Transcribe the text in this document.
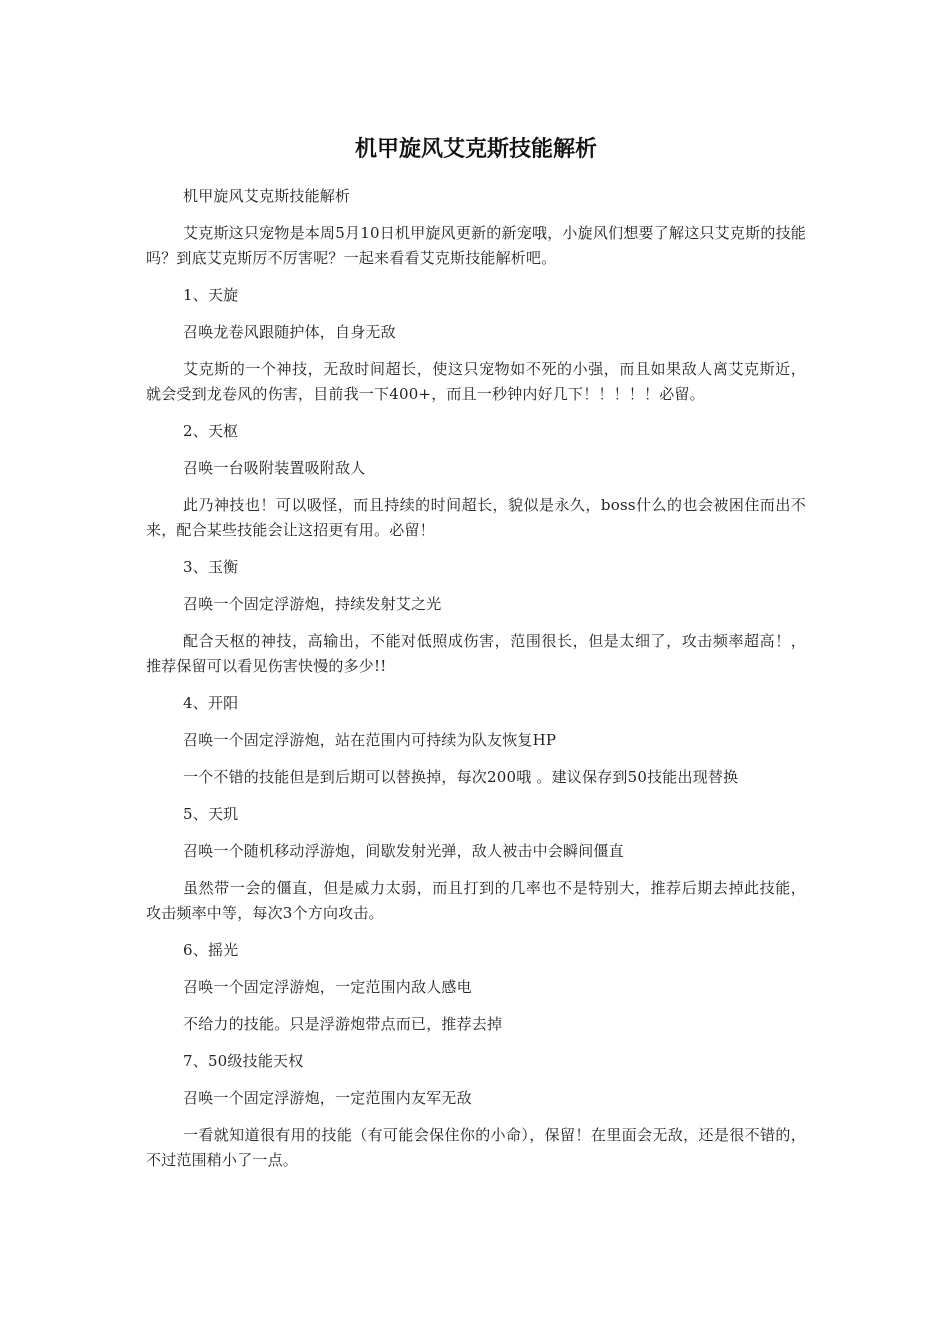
机甲旋风艾克斯技能解析

机甲旋风艾克斯技能解析

艾克斯这只宠物是本周5月10日机甲旋风更新的新宠哦，小旋风们想要了解这只艾克斯的技能吗？到底艾克斯厉不厉害呢？一起来看看艾克斯技能解析吧。

1、天旋

召唤龙卷风跟随护体，自身无敌

艾克斯的一个神技，无敌时间超长，使这只宠物如不死的小强，而且如果敌人离艾克斯近，就会受到龙卷风的伤害，目前我一下400+，而且一秒钟内好几下！！！！！必留。

2、天枢

召唤一台吸附装置吸附敌人

此乃神技也！可以吸怪，而且持续的时间超长，貌似是永久，boss什么的也会被困住而出不来，配合某些技能会让这招更有用。必留！

3、玉衡

召唤一个固定浮游炮，持续发射艾之光

配合天枢的神技，高输出，不能对低照成伤害，范围很长，但是太细了，攻击频率超高！，推荐保留可以看见伤害快慢的多少!!

4、开阳

召唤一个固定浮游炮，站在范围内可持续为队友恢复HP

一个不错的技能但是到后期可以替换掉，每次200哦 。建议保存到50技能出现替换

5、天玑

召唤一个随机移动浮游炮，间歇发射光弹，敌人被击中会瞬间僵直

虽然带一会的僵直，但是威力太弱，而且打到的几率也不是特别大，推荐后期去掉此技能，攻击频率中等，每次3个方向攻击。

6、摇光

召唤一个固定浮游炮，一定范围内敌人感电

不给力的技能。只是浮游炮带点而已，推荐去掉

7、50级技能天权

召唤一个固定浮游炮，一定范围内友军无敌

一看就知道很有用的技能（有可能会保住你的小命），保留！在里面会无敌，还是很不错的，不过范围稍小了一点。
